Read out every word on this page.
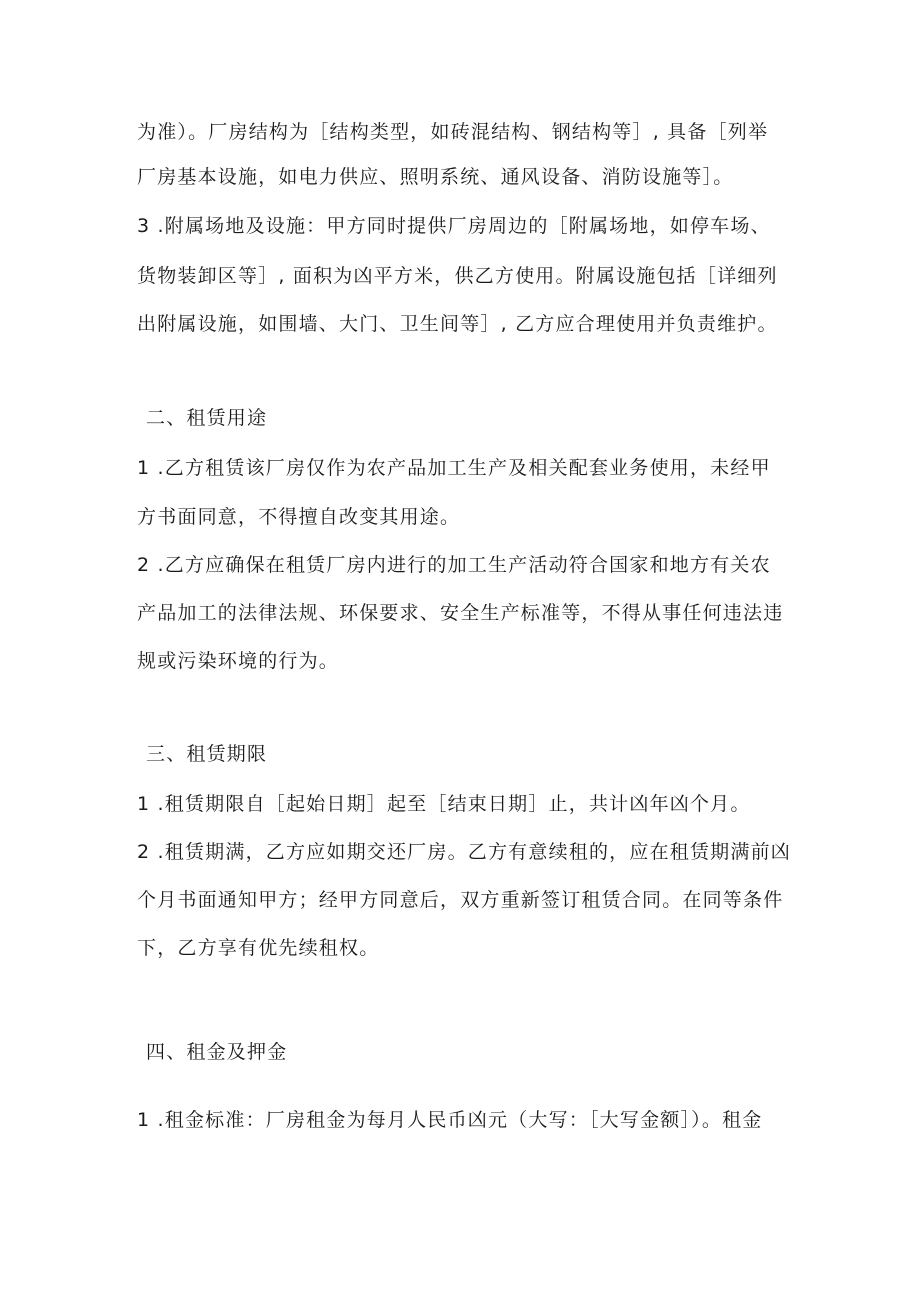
为准）。厂房结构为［结构类型，如砖混结构、钢结构等］, 具备［列举
厂房基本设施，如电力供应、照明系统、通风设备、消防设施等］。
3 .附属场地及设施：甲方同时提供厂房周边的［附属场地，如停车场、
货物装卸区等］, 面积为凶平方米，供乙方使用。附属设施包括［详细列
出附属设施，如围墙、大门、卫生间等］, 乙方应合理使用并负责维护。
二、租赁用途
1 .乙方租赁该厂房仅作为农产品加工生产及相关配套业务使用，未经甲
方书面同意，不得擅自改变其用途。
2 .乙方应确保在租赁厂房内进行的加工生产活动符合国家和地方有关农
产品加工的法律法规、环保要求、安全生产标准等，不得从事任何违法违
规或污染环境的行为。
三、租赁期限
1 .租赁期限自［起始日期］起至［结束日期］止，共计凶年凶个月。
2 .租赁期满，乙方应如期交还厂房。乙方有意续租的，应在租赁期满前凶
个月书面通知甲方；经甲方同意后，双方重新签订租赁合同。在同等条件
下，乙方享有优先续租权。
四、租金及押金
1 .租金标准：厂房租金为每月人民币凶元（大写：［大写金额］）。租金
